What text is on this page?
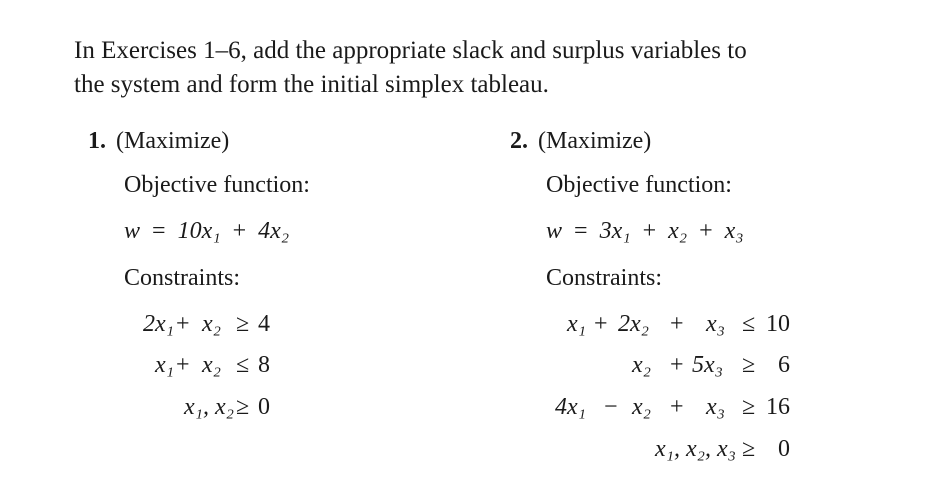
In Exercises 1–6, add the appropriate slack and surplus variables to
the system and form the initial simplex tableau.
1. (Maximize)
Objective function:
w = 10x₁ + 4x₂
Constraints:
2x₁ + x₂ ≥ 4
x₁ + x₂ ≤ 8
x₁, x₂ ≥ 0
2. (Maximize)
Objective function:
w = 3x₁ + x₂ + x₃
Constraints:
x₁ + 2x₂ + x₃ ≤ 10
x₂ + 5x₃ ≥ 6
4x₁ − x₂ + x₃ ≥ 16
x₁, x₂, x₃ ≥ 0
